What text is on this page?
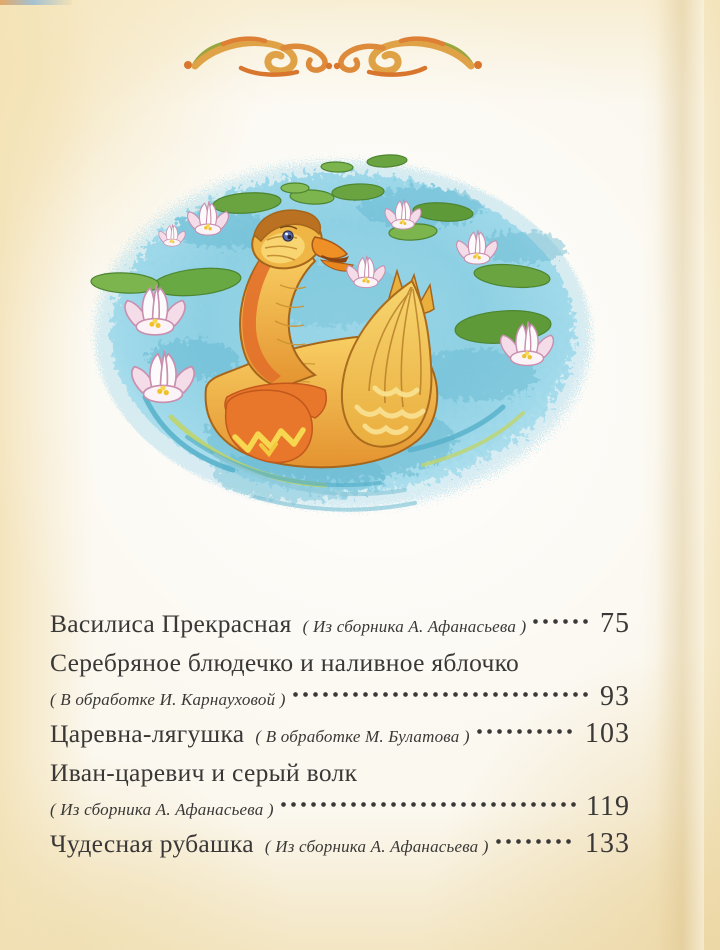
Василиса Прекрасная ( Из сборника А. Афанасьева )	75
Серебряное блюдечко и наливное яблочко
( В обработке И. Карнауховой )	93
Царевна-лягушка ( В обработке М. Булатова )	103
Иван-царевич и серый волк
( Из сборника А. Афанасьева )	119
Чудесная рубашка ( Из сборника А. Афанасьева )	133
